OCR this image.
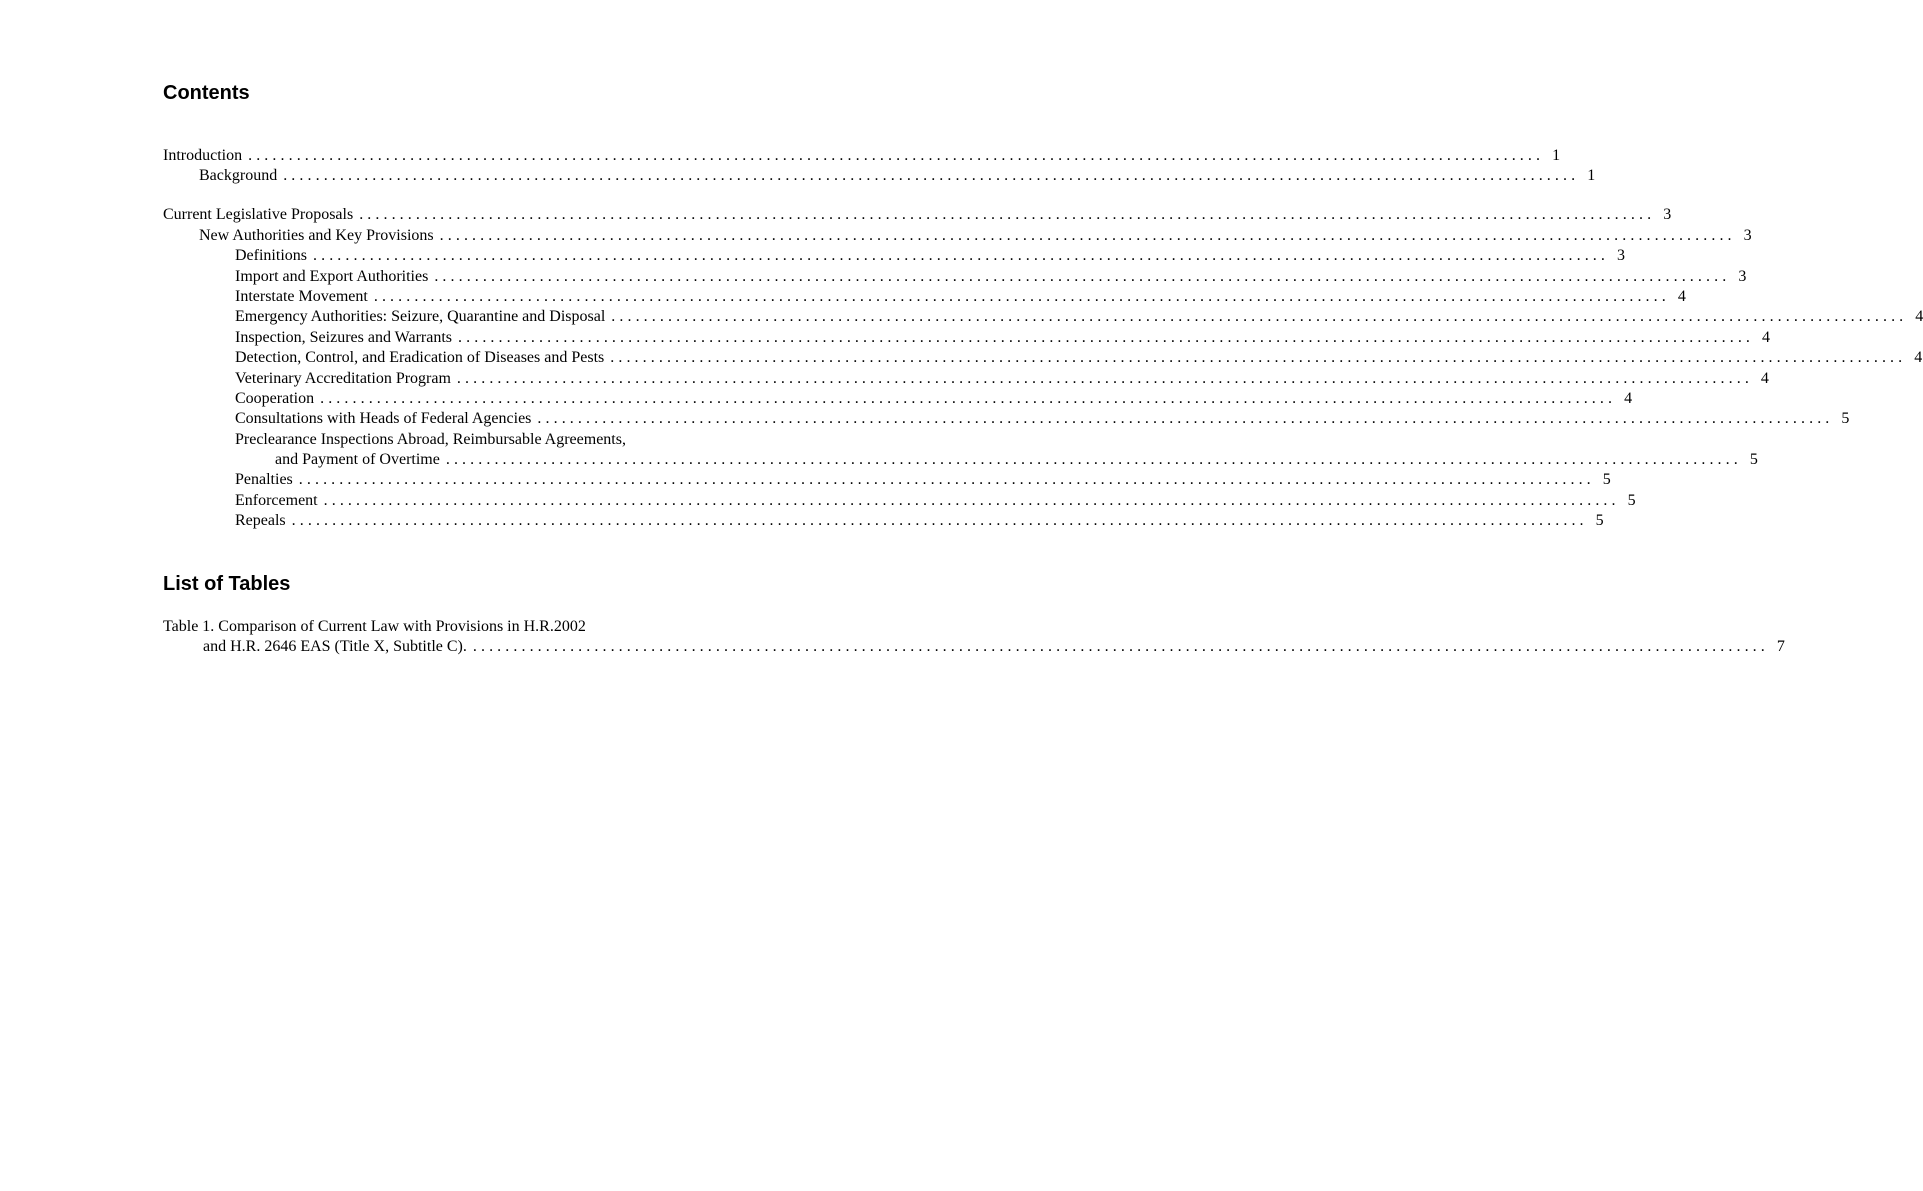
Contents
Introduction ................................................................................................................................................................ 1
Background ................................................................................................................................................................ 1
Current Legislative Proposals ................................................................................................................................................................ 3
New Authorities and Key Provisions ................................................................................................................................................................ 3
Definitions ................................................................................................................................................................ 3
Import and Export Authorities ................................................................................................................................................................ 3
Interstate Movement ................................................................................................................................................................ 4
Emergency Authorities: Seizure, Quarantine and Disposal ................................................................................................................................................................ 4
Inspection, Seizures and Warrants ................................................................................................................................................................ 4
Detection, Control, and Eradication of Diseases and Pests ................................................................................................................................................................ 4
Veterinary Accreditation Program ................................................................................................................................................................ 4
Cooperation ................................................................................................................................................................ 4
Consultations with Heads of Federal Agencies ................................................................................................................................................................ 5
Preclearance Inspections Abroad, Reimbursable Agreements,
and Payment of Overtime ................................................................................................................................................................ 5
Penalties ................................................................................................................................................................ 5
Enforcement ................................................................................................................................................................ 5
Repeals ................................................................................................................................................................ 5
List of Tables
Table 1. Comparison of Current Law with Provisions in H.R.2002
and H.R. 2646 EAS (Title X, Subtitle C). ................................................................................................................................................................ 7
